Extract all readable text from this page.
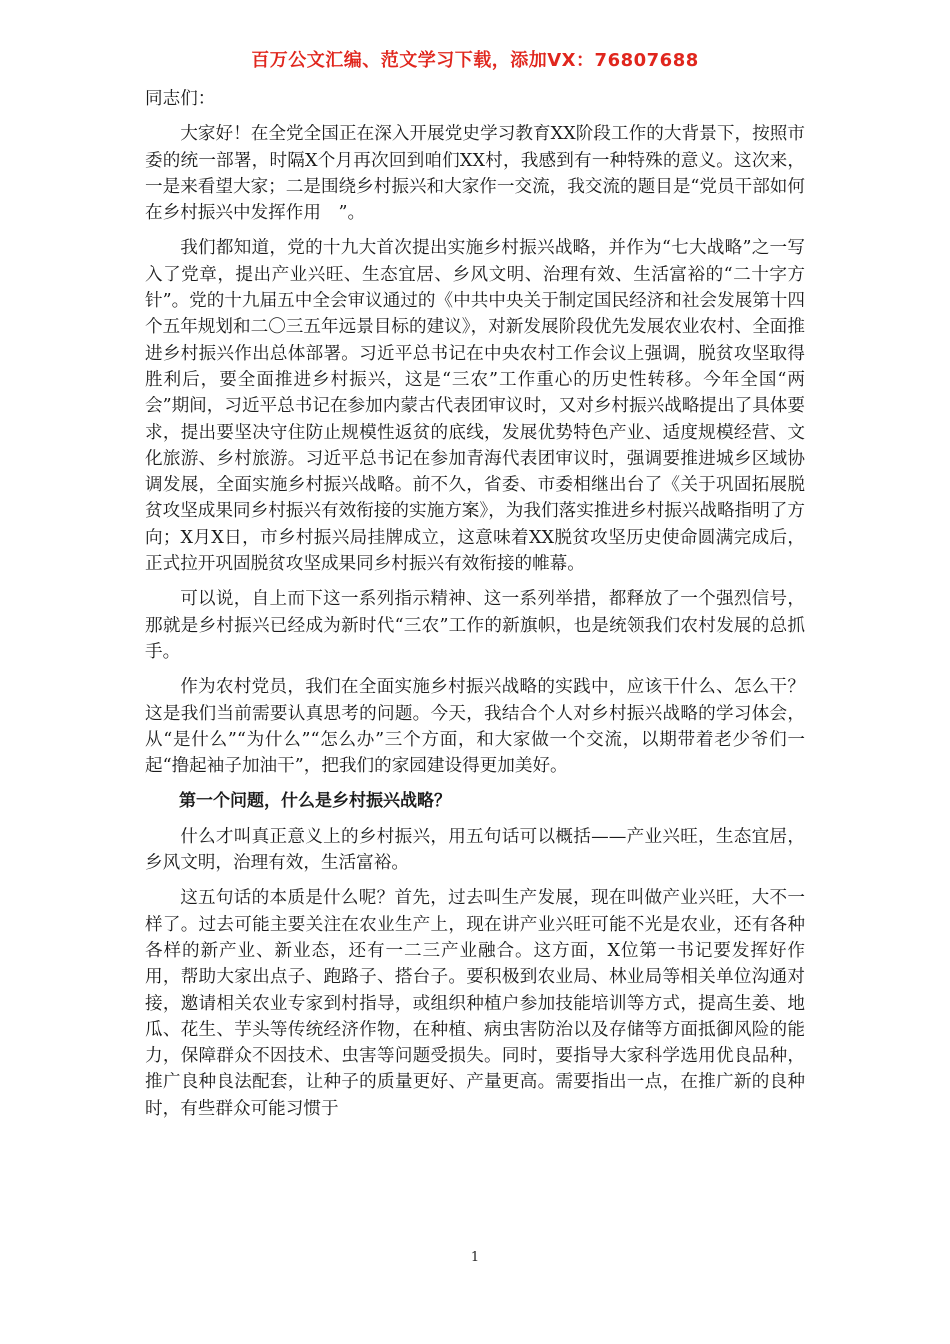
百万公文汇编、范文学习下载，添加VX：76807688

同志们：

大家好！在全党全国正在深入开展党史学习教育XX阶段工作的大背景下，按照市委的统一部署，时隔X个月再次回到咱们XX村，我感到有一种特殊的意义。这次来，一是来看望大家；二是围绕乡村振兴和大家作一交流，我交流的题目是“党员干部如何在乡村振兴中发挥作用　”。

我们都知道，党的十九大首次提出实施乡村振兴战略，并作为“七大战略”之一写入了党章，提出产业兴旺、生态宜居、乡风文明、治理有效、生活富裕的“二十字方针”。党的十九届五中全会审议通过的《中共中央关于制定国民经济和社会发展第十四个五年规划和二〇三五年远景目标的建议》，对新发展阶段优先发展农业农村、全面推进乡村振兴作出总体部署。习近平总书记在中央农村工作会议上强调，脱贫攻坚取得胜利后，要全面推进乡村振兴，这是“三农”工作重心的历史性转移。今年全国“两会”期间，习近平总书记在参加内蒙古代表团审议时，又对乡村振兴战略提出了具体要求，提出要坚决守住防止规模性返贫的底线，发展优势特色产业、适度规模经营、文化旅游、乡村旅游。习近平总书记在参加青海代表团审议时，强调要推进城乡区域协调发展，全面实施乡村振兴战略。前不久，省委、市委相继出台了《关于巩固拓展脱贫攻坚成果同乡村振兴有效衔接的实施方案》，为我们落实推进乡村振兴战略指明了方向；X月X日，市乡村振兴局挂牌成立，这意味着XX脱贫攻坚历史使命圆满完成后，正式拉开巩固脱贫攻坚成果同乡村振兴有效衔接的帷幕。

可以说，自上而下这一系列指示精神、这一系列举措，都释放了一个强烈信号，那就是乡村振兴已经成为新时代“三农”工作的新旗帜，也是统领我们农村发展的总抓手。

作为农村党员，我们在全面实施乡村振兴战略的实践中，应该干什么、怎么干？这是我们当前需要认真思考的问题。今天，我结合个人对乡村振兴战略的学习体会，从“是什么”“为什么”“怎么办”三个方面，和大家做一个交流，以期带着老少爷们一起“撸起袖子加油干”，把我们的家园建设得更加美好。

第一个问题，什么是乡村振兴战略？

什么才叫真正意义上的乡村振兴，用五句话可以概括——产业兴旺，生态宜居，乡风文明，治理有效，生活富裕。

这五句话的本质是什么呢？首先，过去叫生产发展，现在叫做产业兴旺，大不一样了。过去可能主要关注在农业生产上，现在讲产业兴旺可能不光是农业，还有各种各样的新产业、新业态，还有一二三产业融合。这方面，X位第一书记要发挥好作用，帮助大家出点子、跑路子、搭台子。要积极到农业局、林业局等相关单位沟通对接，邀请相关农业专家到村指导，或组织种植户参加技能培训等方式，提高生姜、地瓜、花生、芋头等传统经济作物，在种植、病虫害防治以及存储等方面抵御风险的能力，保障群众不因技术、虫害等问题受损失。同时，要指导大家科学选用优良品种，推广良种良法配套，让种子的质量更好、产量更高。需要指出一点，在推广新的良种时，有些群众可能习惯于

1
